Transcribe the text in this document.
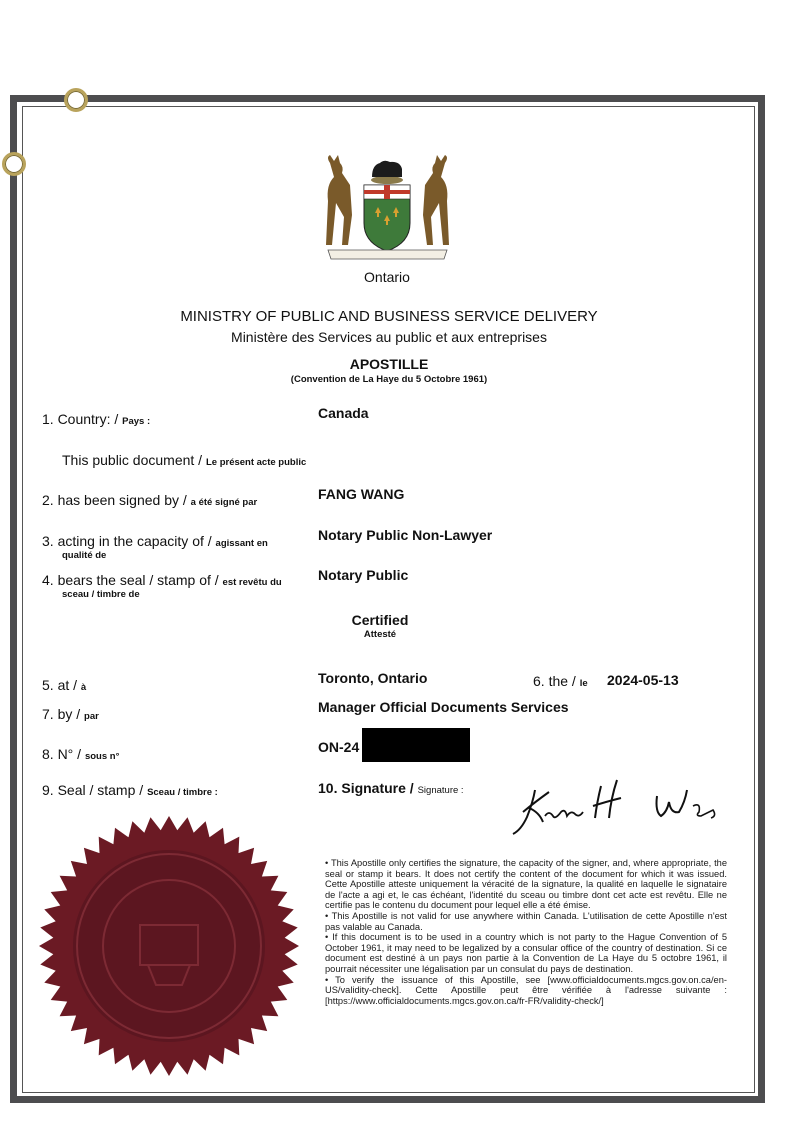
Ontario
MINISTRY OF PUBLIC AND BUSINESS SERVICE DELIVERY
Ministère des Services au public et aux entreprises
APOSTILLE
(Convention de La Haye du 5 Octobre 1961)
1. Country: / Pays :
Canada
This public document / Le présent acte public
2. has been signed by / a été signé par
FANG WANG
3. acting in the capacity of / agissant en
qualité de
Notary Public Non-Lawyer
4. bears the seal / stamp of / est revêtu du
sceau / timbre de
Notary Public
Certified
Attesté
5. at / à
Toronto, Ontario	6. the / le 2024-05-13
7. by / par
Manager Official Documents Services
8. N° / sous n°
ON-24
9. Seal / stamp / Sceau / timbre :	10. Signature / Signature :

• This Apostille only certifies the signature, the capacity of the signer, and, where appropriate, the seal or stamp it bears. It does not certify the content of the document for which it was issued. Cette Apostille atteste uniquement la véracité de la signature, la qualité en laquelle le signataire de l'acte a agi et, le cas échéant, l'identité du sceau ou timbre dont cet acte est revêtu. Elle ne certifie pas le contenu du document pour lequel elle a été émise.

• This Apostille is not valid for use anywhere within Canada. L'utilisation de cette Apostille n'est pas valable au Canada.

• If this document is to be used in a country which is not party to the Hague Convention of 5 October 1961, it may need to be legalized by a consular office of the country of destination. Si ce document est destiné à un pays non partie à la Convention de La Haye du 5 octobre 1961, il pourrait nécessiter une légalisation par un consulat du pays de destination.

• To verify the issuance of this Apostille, see [www.officialdocuments.mgcs.gov.on.ca/en-US/validity-check]. Cette Apostille peut être vérifiée à l'adresse suivante : [https://www.officialdocuments.mgcs.gov.on.ca/fr-FR/validity-check/]
